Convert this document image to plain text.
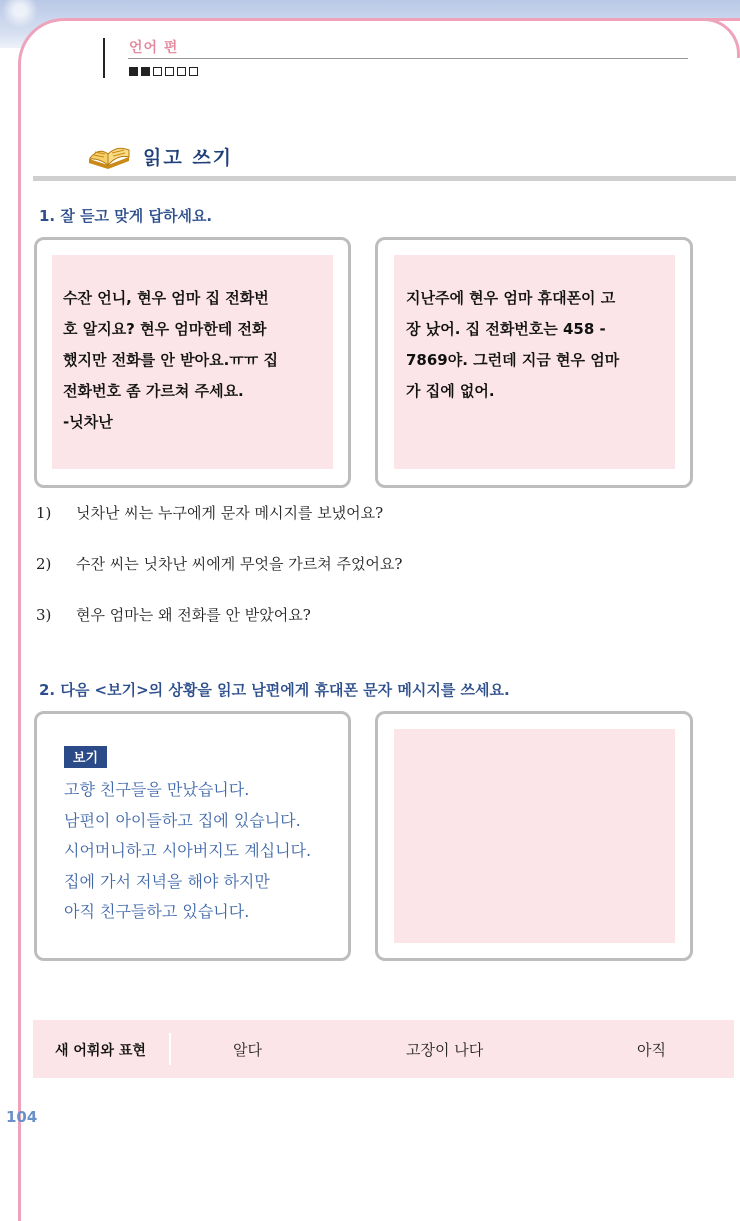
언어 편
읽고 쓰기
1. 잘 듣고 맞게 답하세요.
수잔 언니, 현우 엄마 집 전화번
호 알지요? 현우 엄마한테 전화
했지만 전화를 안 받아요.ㅠㅠ 집
전화번호 좀 가르쳐 주세요.
-닛차난
지난주에 현우 엄마 휴대폰이 고
장 났어. 집 전화번호는 458 -
7869야. 그런데 지금 현우 엄마
가 집에 없어.
1) 닛차난 씨는 누구에게 문자 메시지를 보냈어요?
2) 수잔 씨는 닛차난 씨에게 무엇을 가르쳐 주었어요?
3) 현우 엄마는 왜 전화를 안 받았어요?
2. 다음 <보기>의 상황을 읽고 남편에게 휴대폰 문자 메시지를 쓰세요.
보기
고향 친구들을 만났습니다.
남편이 아이들하고 집에 있습니다.
시어머니하고 시아버지도 계십니다.
집에 가서 저녁을 해야 하지만
아직 친구들하고 있습니다.
새 어휘와 표현	알다	고장이 나다	아직
104
